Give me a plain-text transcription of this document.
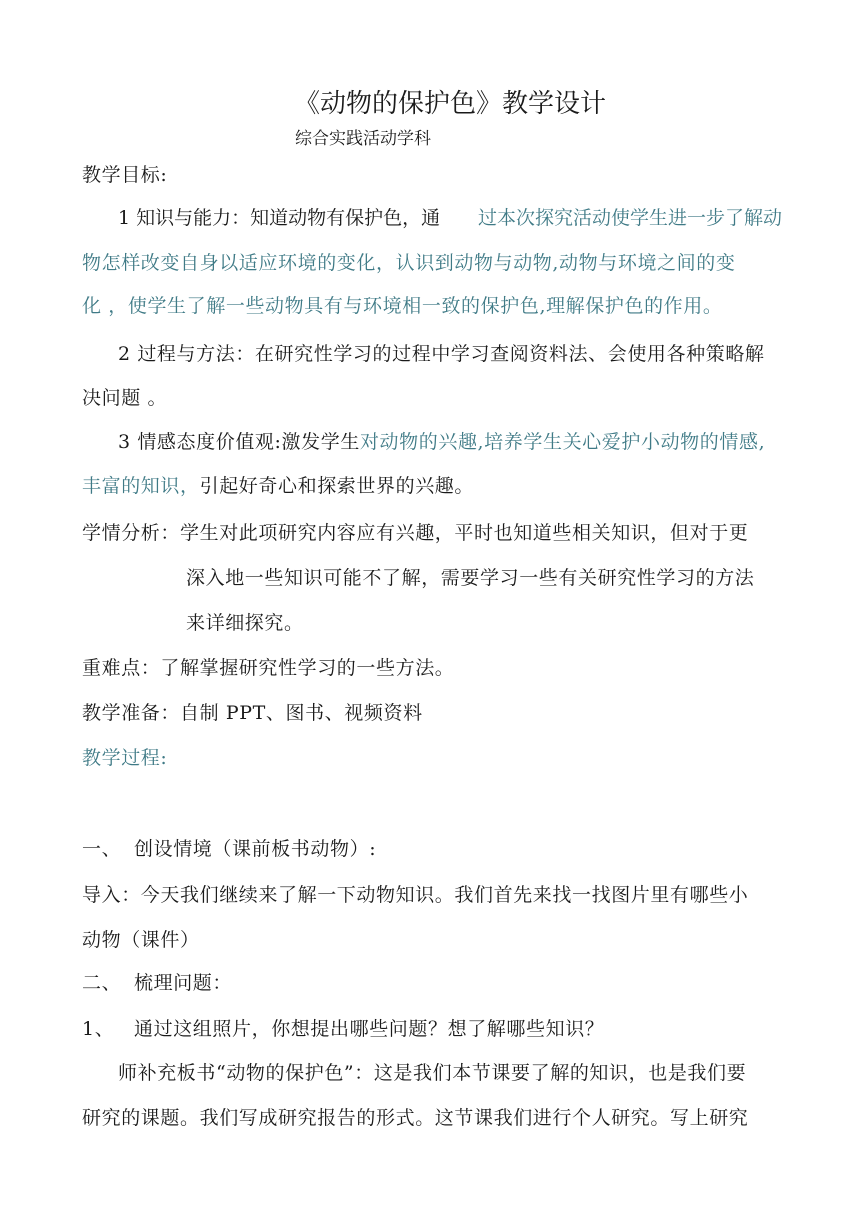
《动物的保护色》教学设计
综合实践活动学科
教学目标:
1 知识与能力：知道动物有保护色，通 过本次探究活动使学生进一步了解动
物怎样改变自身以适应环境的变化，认识到动物与动物,动物与环境之间的变
化 ，使学生了解一些动物具有与环境相一致的保护色,理解保护色的作用。
2 过程与方法：在研究性学习的过程中学习查阅资料法、会使用各种策略解
决问题 。
3 情感态度价值观:激发学生对动物的兴趣,培养学生关心爱护小动物的情感,
丰富的知识，引起好奇心和探索世界的兴趣。
学情分析：学生对此项研究内容应有兴趣，平时也知道些相关知识，但对于更
深入地一些知识可能不了解，需要学习一些有关研究性学习的方法
来详细探究。
重难点：了解掌握研究性学习的一些方法。
教学准备：自制 PPT、图书、视频资料
教学过程:
一、 创设情境（课前板书动物）:
导入：今天我们继续来了解一下动物知识。我们首先来找一找图片里有哪些小
动物（课件）
二、 梳理问题：
1、 通过这组照片，你想提出哪些问题？想了解哪些知识？
师补充板书“动物的保护色”：这是我们本节课要了解的知识，也是我们要
研究的课题。我们写成研究报告的形式。这节课我们进行个人研究。写上研究
